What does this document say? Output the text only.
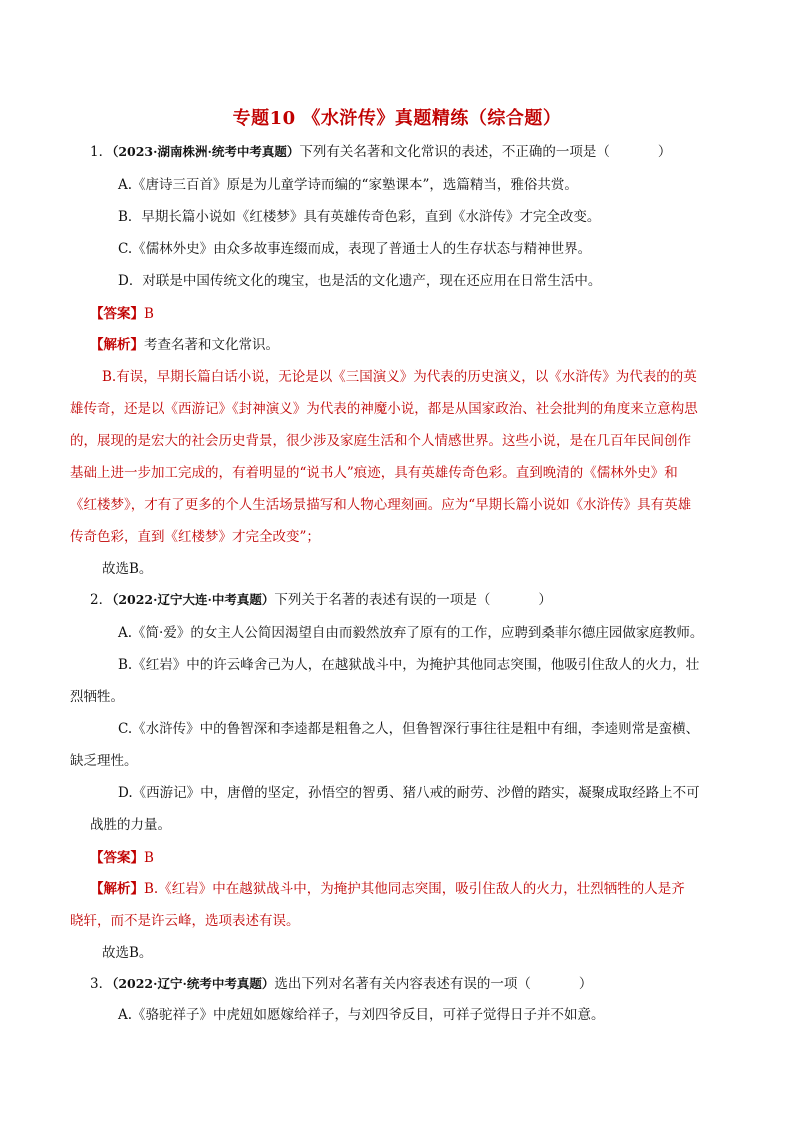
专题10 《水浒传》真题精练（综合题）
1．（2023·湖南株洲·统考中考真题）下列有关名著和文化常识的表述，不正确的一项是（	）
A.《唐诗三百首》原是为儿童学诗而编的“家塾课本”，选篇精当，雅俗共赏。
B．早期长篇小说如《红楼梦》具有英雄传奇色彩，直到《水浒传》才完全改变。
C.《儒林外史》由众多故事连缀而成，表现了普通士人的生存状态与精神世界。
D．对联是中国传统文化的瑰宝，也是活的文化遗产，现在还应用在日常生活中。
【答案】B
【解析】考查名著和文化常识。
B.有误，早期长篇白话小说，无论是以《三国演义》为代表的历史演义，以《水浒传》为代表的的英
雄传奇，还是以《西游记》《封神演义》为代表的神魔小说，都是从国家政治、社会批判的角度来立意构思
的，展现的是宏大的社会历史背景，很少涉及家庭生活和个人情感世界。这些小说，是在几百年民间创作
基础上进一步加工完成的，有着明显的“说书人”痕迹，具有英雄传奇色彩。直到晚清的《儒林外史》和
《红楼梦》，才有了更多的个人生活场景描写和人物心理刻画。应为“早期长篇小说如《水浒传》具有英雄
传奇色彩，直到《红楼梦》才完全改变”；
故选B。
2．（2022·辽宁大连·中考真题）下列关于名著的表述有误的一项是（	）
A.《简·爱》的女主人公简因渴望自由而毅然放弃了原有的工作，应聘到桑菲尔德庄园做家庭教师。
B.《红岩》中的许云峰舍己为人，在越狱战斗中，为掩护其他同志突围，他吸引住敌人的火力，壮
烈牺牲。
C.《水浒传》中的鲁智深和李逵都是粗鲁之人，但鲁智深行事往往是粗中有细，李逵则常是蛮横、
缺乏理性。
D.《西游记》中，唐僧的坚定，孙悟空的智勇、猪八戒的耐劳、沙僧的踏实，凝聚成取经路上不可
战胜的力量。
【答案】B
【解析】B.《红岩》中在越狱战斗中，为掩护其他同志突围，吸引住敌人的火力，壮烈牺牲的人是齐
晓轩，而不是许云峰，选项表述有误。
故选B。
3．（2022·辽宁·统考中考真题）选出下列对名著有关内容表述有误的一项（	）
A.《骆驼祥子》中虎妞如愿嫁给祥子，与刘四爷反目，可祥子觉得日子并不如意。
